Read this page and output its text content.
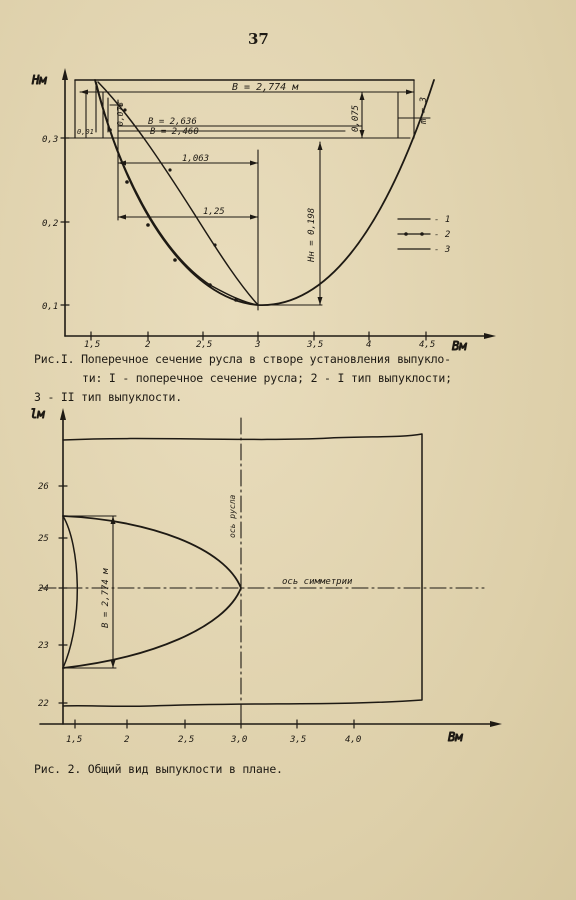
37
Hм
Bм
0,3
0,2
0,1
1,5	2	2,5	3	3,5	4	4,5
B = 2,774 м
B = 2,636
B = 2,460
1,063
1,25	Hн = 0,198
0,075
0,078
0,01
m = 3
- 1
- 2
- 3
lм
Bм
26
25
24
23
22
1,5	2	2,5	3,0	3,5	4,0
ось русла
ось симметрии
B = 2,774 м
Рис.I. Поперечное сечение русла в створе установления выпукло-
ти: I - поперечное сечение русла; 2 - I тип выпуклости;
3 - II тип выпуклости.
Рис. 2. Общий вид выпуклости в плане.
